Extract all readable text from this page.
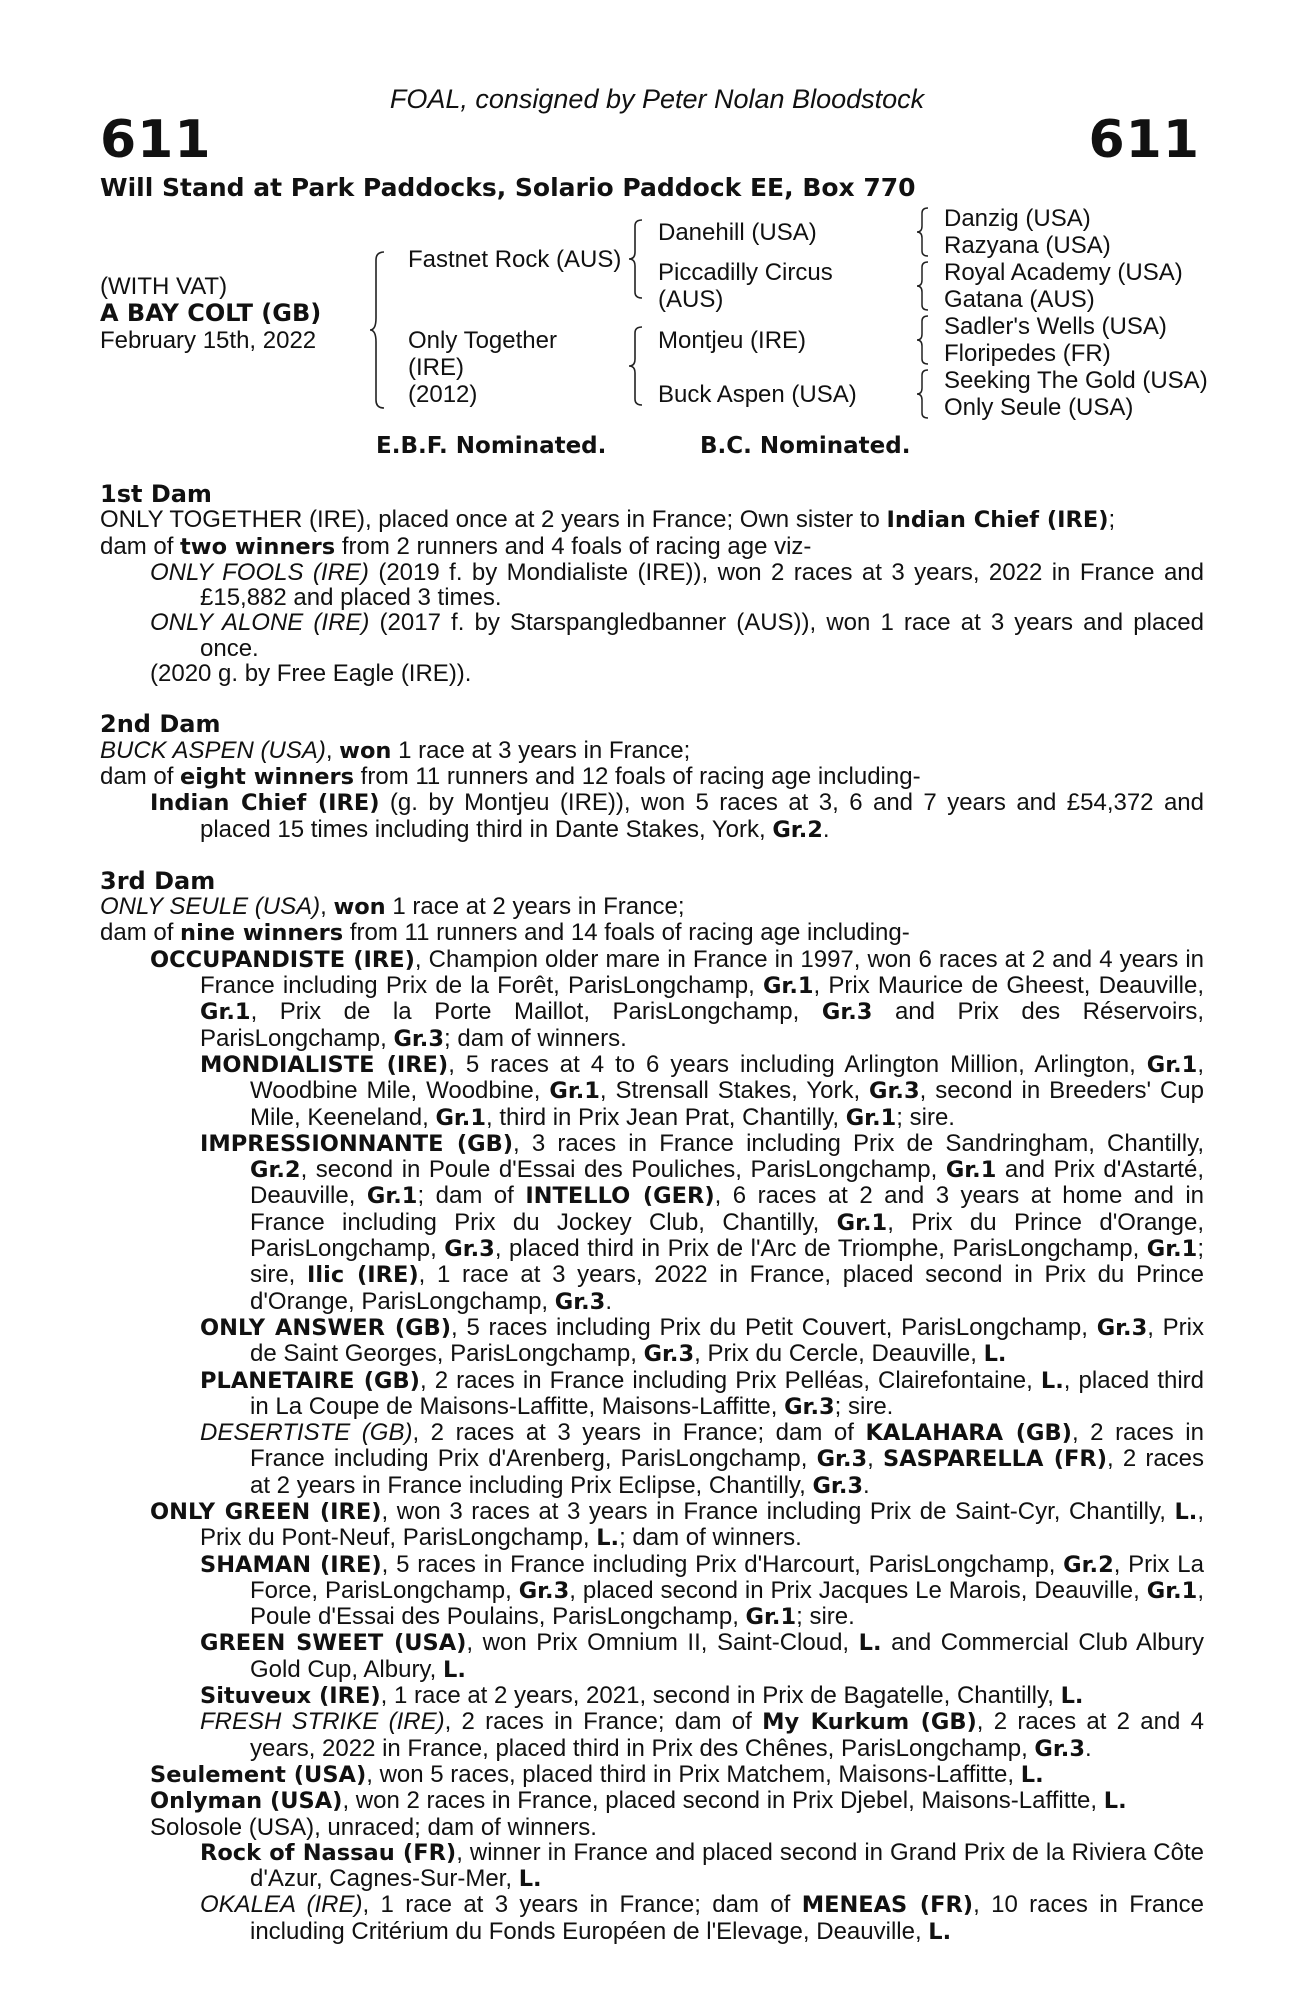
FOAL, consigned by Peter Nolan Bloodstock
611	611
Will Stand at Park Paddocks, Solario Paddock EE, Box 770
(WITH VAT)
A BAY COLT (GB)
February 15th, 2022
Fastnet Rock (AUS)
Only Together
(IRE)
(2012)
Danehill (USA)
Piccadilly Circus
(AUS)
Montjeu (IRE)
Buck Aspen (USA)
Danzig (USA)
Razyana (USA)
Royal Academy (USA)
Gatana (AUS)
Sadler's Wells (USA)
Floripedes (FR)
Seeking The Gold (USA)
Only Seule (USA)
E.B.F. Nominated.	B.C. Nominated.
1st Dam

ONLY TOGETHER (IRE), placed once at 2 years in France; Own sister to Indian Chief (IRE);

dam of two winners from 2 runners and 4 foals of racing age viz-

ONLY FOOLS (IRE) (2019 f. by Mondialiste (IRE)), won 2 races at 3 years, 2022 in France and £15,882 and placed 3 times.

ONLY ALONE (IRE) (2017 f. by Starspangledbanner (AUS)), won 1 race at 3 years and placed once.

(2020 g. by Free Eagle (IRE)).

2nd Dam

BUCK ASPEN (USA), won 1 race at 3 years in France;

dam of eight winners from 11 runners and 12 foals of racing age including-

Indian Chief (IRE) (g. by Montjeu (IRE)), won 5 races at 3, 6 and 7 years and £54,372 and placed 15 times including third in Dante Stakes, York, Gr.2.

3rd Dam

ONLY SEULE (USA), won 1 race at 2 years in France;

dam of nine winners from 11 runners and 14 foals of racing age including-

OCCUPANDISTE (IRE), Champion older mare in France in 1997, won 6 races at 2 and 4 years in France including Prix de la Forêt, ParisLongchamp, Gr.1, Prix Maurice de Gheest, Deauville, Gr.1, Prix de la Porte Maillot, ParisLongchamp, Gr.3 and Prix des Réservoirs, ParisLongchamp, Gr.3; dam of winners.

MONDIALISTE (IRE), 5 races at 4 to 6 years including Arlington Million, Arlington, Gr.1, Woodbine Mile, Woodbine, Gr.1, Strensall Stakes, York, Gr.3, second in Breeders' Cup Mile, Keeneland, Gr.1, third in Prix Jean Prat, Chantilly, Gr.1; sire.

IMPRESSIONNANTE (GB), 3 races in France including Prix de Sandringham, Chantilly, Gr.2, second in Poule d'Essai des Pouliches, ParisLongchamp, Gr.1 and Prix d'Astarté, Deauville, Gr.1; dam of INTELLO (GER), 6 races at 2 and 3 years at home and in France including Prix du Jockey Club, Chantilly, Gr.1, Prix du Prince d'Orange, ParisLongchamp, Gr.3, placed third in Prix de l'Arc de Triomphe, ParisLongchamp, Gr.1; sire, Ilic (IRE), 1 race at 3 years, 2022 in France, placed second in Prix du Prince d'Orange, ParisLongchamp, Gr.3.

ONLY ANSWER (GB), 5 races including Prix du Petit Couvert, ParisLongchamp, Gr.3, Prix de Saint Georges, ParisLongchamp, Gr.3, Prix du Cercle, Deauville, L.

PLANETAIRE (GB), 2 races in France including Prix Pelléas, Clairefontaine, L., placed third in La Coupe de Maisons-Laffitte, Maisons-Laffitte, Gr.3; sire.

DESERTISTE (GB), 2 races at 3 years in France; dam of KALAHARA (GB), 2 races in France including Prix d'Arenberg, ParisLongchamp, Gr.3, SASPARELLA (FR), 2 races at 2 years in France including Prix Eclipse, Chantilly, Gr.3.

ONLY GREEN (IRE), won 3 races at 3 years in France including Prix de Saint-Cyr, Chantilly, L., Prix du Pont-Neuf, ParisLongchamp, L.; dam of winners.

SHAMAN (IRE), 5 races in France including Prix d'Harcourt, ParisLongchamp, Gr.2, Prix La Force, ParisLongchamp, Gr.3, placed second in Prix Jacques Le Marois, Deauville, Gr.1, Poule d'Essai des Poulains, ParisLongchamp, Gr.1; sire.

GREEN SWEET (USA), won Prix Omnium II, Saint-Cloud, L. and Commercial Club Albury Gold Cup, Albury, L.

Situveux (IRE), 1 race at 2 years, 2021, second in Prix de Bagatelle, Chantilly, L.

FRESH STRIKE (IRE), 2 races in France; dam of My Kurkum (GB), 2 races at 2 and 4 years, 2022 in France, placed third in Prix des Chênes, ParisLongchamp, Gr.3.

Seulement (USA), won 5 races, placed third in Prix Matchem, Maisons-Laffitte, L.

Onlyman (USA), won 2 races in France, placed second in Prix Djebel, Maisons-Laffitte, L.

Solosole (USA), unraced; dam of winners.

Rock of Nassau (FR), winner in France and placed second in Grand Prix de la Riviera Côte d'Azur, Cagnes-Sur-Mer, L.

OKALEA (IRE), 1 race at 3 years in France; dam of MENEAS (FR), 10 races in France including Critérium du Fonds Européen de l'Elevage, Deauville, L.
